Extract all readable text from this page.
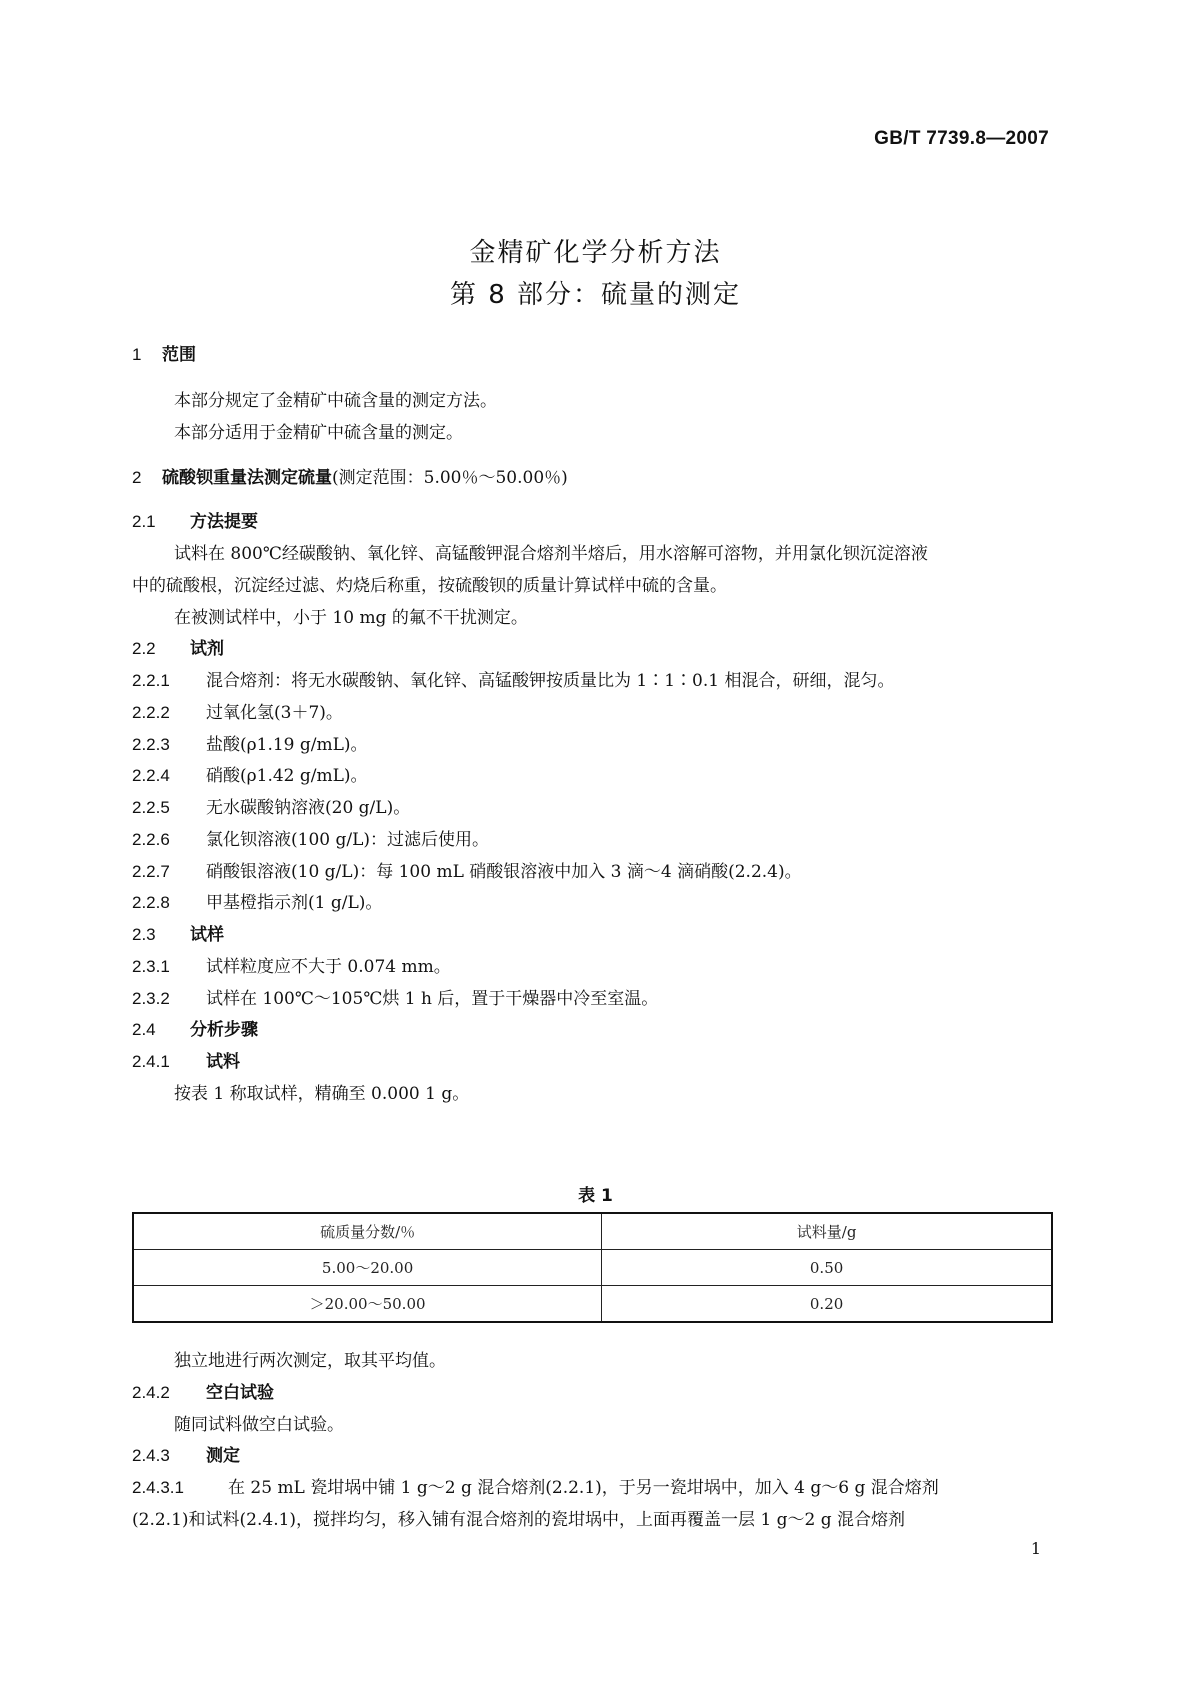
GB/T 7739.8—2007
金精矿化学分析方法
第 8 部分：硫量的测定
1 范围
本部分规定了金精矿中硫含量的测定方法。
本部分适用于金精矿中硫含量的测定。
2 硫酸钡重量法测定硫量(测定范围：5.00％～50.00％)
2.1 方法提要
试料在 800℃经碳酸钠、氧化锌、高锰酸钾混合熔剂半熔后，用水溶解可溶物，并用氯化钡沉淀溶液
中的硫酸根，沉淀经过滤、灼烧后称重，按硫酸钡的质量计算试样中硫的含量。
在被测试样中，小于 10 mg 的氟不干扰测定。
2.2 试剂
2.2.1 混合熔剂：将无水碳酸钠、氧化锌、高锰酸钾按质量比为 1∶1∶0.1 相混合，研细，混匀。
2.2.2 过氧化氢(3＋7)。
2.2.3 盐酸(ρ1.19 g/mL)。
2.2.4 硝酸(ρ1.42 g/mL)。
2.2.5 无水碳酸钠溶液(20 g/L)。
2.2.6 氯化钡溶液(100 g/L)：过滤后使用。
2.2.7 硝酸银溶液(10 g/L)：每 100 mL 硝酸银溶液中加入 3 滴～4 滴硝酸(2.2.4)。
2.2.8 甲基橙指示剂(1 g/L)。
2.3 试样
2.3.1 试样粒度应不大于 0.074 mm。
2.3.2 试样在 100℃～105℃烘 1 h 后，置于干燥器中冷至室温。
2.4 分析步骤
2.4.1 试料
按表 1 称取试样，精确至 0.000 1 g。
表 1
硫质量分数/％	试料量/g
5.00～20.00	0.50
＞20.00～50.00	0.20
独立地进行两次测定，取其平均值。
2.4.2 空白试验
随同试料做空白试验。
2.4.3 测定
2.4.3.1	在 25 mL 瓷坩埚中铺 1 g～2 g 混合熔剂(2.2.1)，于另一瓷坩埚中，加入 4 g～6 g 混合熔剂
(2.2.1)和试料(2.4.1)，搅拌均匀，移入铺有混合熔剂的瓷坩埚中，上面再覆盖一层 1 g～2 g 混合熔剂
1
